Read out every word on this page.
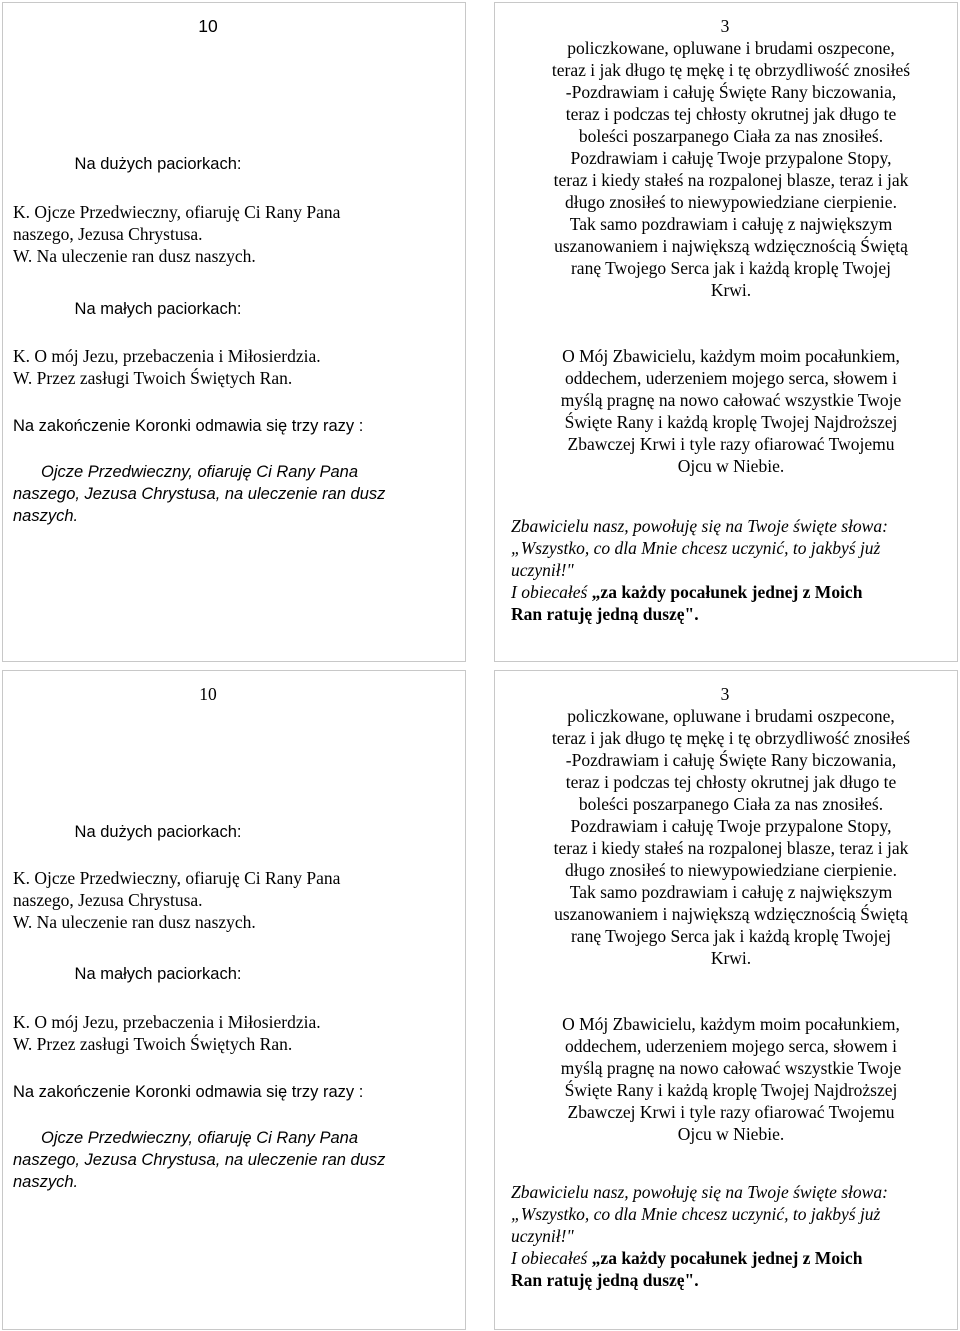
10
Na dużych paciorkach:
K. Ojcze Przedwieczny, ofiaruję Ci Rany Pana
naszego, Jezusa Chrystusa.
W. Na uleczenie ran dusz naszych.
Na małych paciorkach:
K. O mój Jezu, przebaczenia i Miłosierdzia.
W. Przez zasługi Twoich Świętych Ran.
Na zakończenie Koronki odmawia się trzy razy :
Ojcze Przedwieczny, ofiaruję Ci Rany Pana
naszego, Jezusa Chrystusa, na uleczenie ran dusz
naszych.
3
policzkowane, opluwane i brudami oszpecone,
teraz i jak długo tę mękę i tę obrzydliwość znosiłeś
-Pozdrawiam i całuję Święte Rany biczowania,
teraz i podczas tej chłosty okrutnej jak długo te
boleści poszarpanego Ciała za nas znosiłeś.
Pozdrawiam i całuję Twoje przypalone Stopy,
teraz i kiedy stałeś na rozpalonej blasze, teraz i jak
długo znosiłeś to niewypowiedziane cierpienie.
Tak samo pozdrawiam i całuję z największym
uszanowaniem i największą wdzięcznością Świętą
ranę Twojego Serca jak i każdą kroplę Twojej
Krwi.
O Mój Zbawicielu, każdym moim pocałunkiem,
oddechem, uderzeniem mojego serca, słowem i
myślą pragnę na nowo całować wszystkie Twoje
Święte Rany i każdą kroplę Twojej Najdroższej
Zbawczej Krwi i tyle razy ofiarować Twojemu
Ojcu w Niebie.
Zbawicielu nasz, powołuję się na Twoje święte słowa:
„Wszystko, co dla Mnie chcesz uczynić, to jakbyś już
uczynił!"
I obiecałeś „za każdy pocałunek jednej z Moich
Ran ratuję jedną duszę".
10
Na dużych paciorkach:
K. Ojcze Przedwieczny, ofiaruję Ci Rany Pana
naszego, Jezusa Chrystusa.
W. Na uleczenie ran dusz naszych.
Na małych paciorkach:
K. O mój Jezu, przebaczenia i Miłosierdzia.
W. Przez zasługi Twoich Świętych Ran.
Na zakończenie Koronki odmawia się trzy razy :
Ojcze Przedwieczny, ofiaruję Ci Rany Pana
naszego, Jezusa Chrystusa, na uleczenie ran dusz
naszych.
3
policzkowane, opluwane i brudami oszpecone,
teraz i jak długo tę mękę i tę obrzydliwość znosiłeś
-Pozdrawiam i całuję Święte Rany biczowania,
teraz i podczas tej chłosty okrutnej jak długo te
boleści poszarpanego Ciała za nas znosiłeś.
Pozdrawiam i całuję Twoje przypalone Stopy,
teraz i kiedy stałeś na rozpalonej blasze, teraz i jak
długo znosiłeś to niewypowiedziane cierpienie.
Tak samo pozdrawiam i całuję z największym
uszanowaniem i największą wdzięcznością Świętą
ranę Twojego Serca jak i każdą kroplę Twojej
Krwi.
O Mój Zbawicielu, każdym moim pocałunkiem,
oddechem, uderzeniem mojego serca, słowem i
myślą pragnę na nowo całować wszystkie Twoje
Święte Rany i każdą kroplę Twojej Najdroższej
Zbawczej Krwi i tyle razy ofiarować Twojemu
Ojcu w Niebie.
Zbawicielu nasz, powołuję się na Twoje święte słowa:
„Wszystko, co dla Mnie chcesz uczynić, to jakbyś już
uczynił!"
I obiecałeś „za każdy pocałunek jednej z Moich
Ran ratuję jedną duszę".
